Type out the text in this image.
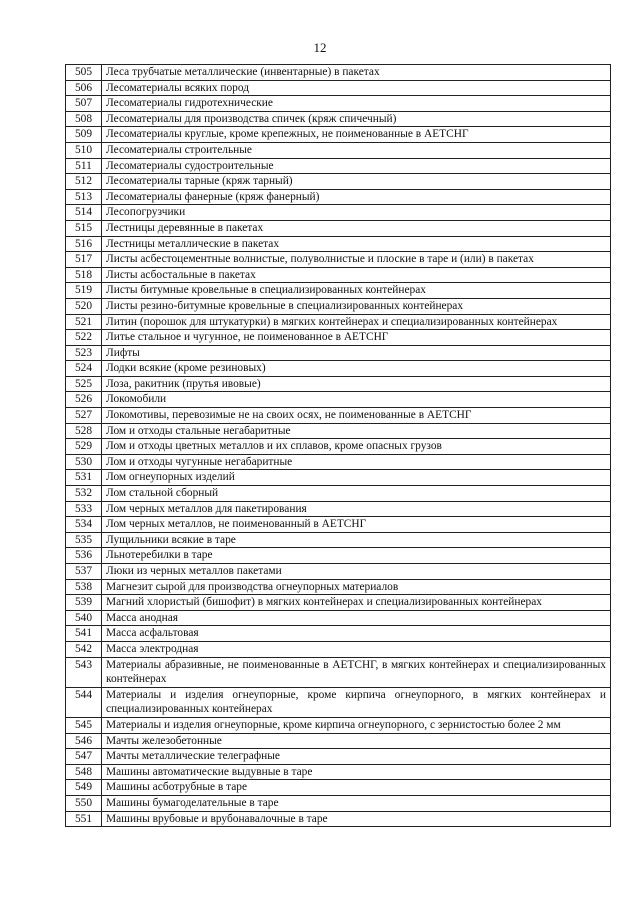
12
505	Леса трубчатые металлические (инвентарные) в пакетах
506	Лесоматериалы всяких пород
507	Лесоматериалы гидротехнические
508	Лесоматериалы для производства спичек (кряж спичечный)
509	Лесоматериалы круглые, кроме крепежных, не поименованные в АЕТСНГ
510	Лесоматериалы строительные
511	Лесоматериалы судостроительные
512	Лесоматериалы тарные (кряж тарный)
513	Лесоматериалы фанерные (кряж фанерный)
514	Лесопогрузчики
515	Лестницы деревянные в пакетах
516	Лестницы металлические в пакетах
517	Листы асбестоцементные волнистые, полуволнистые и плоские в таре и (или) в пакетах
518	Листы асбостальные в пакетах
519	Листы битумные кровельные в специализированных контейнерах
520	Листы резино-битумные кровельные в специализированных контейнерах
521	Литин (порошок для штукатурки) в мягких контейнерах и специализированных контейнерах
522	Литье стальное и чугунное, не поименованное в АЕТСНГ
523	Лифты
524	Лодки всякие (кроме резиновых)
525	Лоза, ракитник (прутья ивовые)
526	Локомобили
527	Локомотивы, перевозимые не на своих осях, не поименованные в АЕТСНГ
528	Лом и отходы стальные негабаритные
529	Лом и отходы цветных металлов и их сплавов, кроме опасных грузов
530	Лом и отходы чугунные негабаритные
531	Лом огнеупорных изделий
532	Лом стальной сборный
533	Лом черных металлов для пакетирования
534	Лом черных металлов, не поименованный в АЕТСНГ
535	Лущильники всякие в таре
536	Льнотеребилки в таре
537	Люки из черных металлов пакетами
538	Магнезит сырой для производства огнеупорных материалов
539	Магний хлористый (бишофит) в мягких контейнерах и специализированных контейнерах
540	Масса анодная
541	Масса асфальтовая
542	Масса электродная
543	Материалы абразивные, не поименованные в АЕТСНГ, в мягких контейнерах и специализированных контейнерах
544	Материалы и изделия огнеупорные, кроме кирпича огнеупорного, в мягких контейнерах и специализированных контейнерах
545	Материалы и изделия огнеупорные, кроме кирпича огнеупорного, с зернистостью более 2 мм
546	Мачты железобетонные
547	Мачты металлические телеграфные
548	Машины автоматические выдувные в таре
549	Машины асботрубные в таре
550	Машины бумагоделательные в таре
551	Машины врубовые и врубонавалочные в таре
